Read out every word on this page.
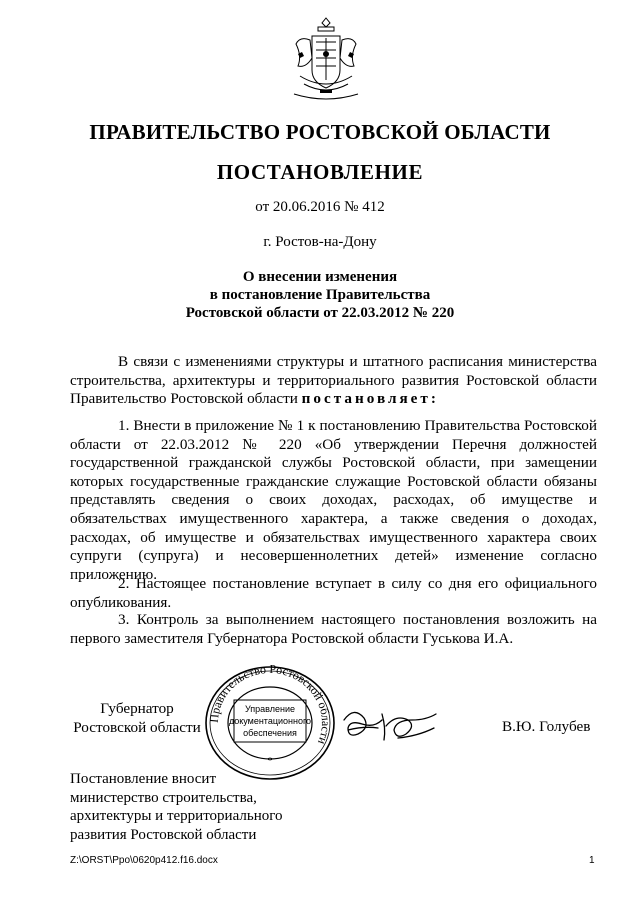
ПРАВИТЕЛЬСТВО РОСТОВСКОЙ ОБЛАСТИ
ПОСТАНОВЛЕНИЕ
от 20.06.2016 № 412
г. Ростов-на-Дону
О внесении изменения
в постановление Правительства
Ростовской области от 22.03.2012 № 220
В связи с изменениями структуры и штатного расписания министерства строительства, архитектуры и территориального развития Ростовской области Правительство Ростовской области постановляет:
1. Внести в приложение № 1 к постановлению Правительства Ростовской области от 22.03.2012 № 220 «Об утверждении Перечня должностей государственной гражданской службы Ростовской области, при замещении которых государственные гражданские служащие Ростовской области обязаны представлять сведения о своих доходах, расходах, об имуществе и обязательствах имущественного характера, а также сведения о доходах, расходах, об имуществе и обязательствах имущественного характера своих супруги (супруга) и несовершеннолетних детей» изменение согласно приложению.
2. Настоящее постановление вступает в силу со дня его официального опубликования.
3. Контроль за выполнением настоящего постановления возложить на первого заместителя Губернатора Ростовской области Гуськова И.А.
Губернатор
Ростовской области
Правительство Ростовской области
Управление
документационного
обеспечения
*
В.Ю. Голубев
Постановление вносит
министерство строительства,
архитектуры и территориального
развития Ростовской области
Z:\ORST\Ppo\0620p412.f16.docx	1
